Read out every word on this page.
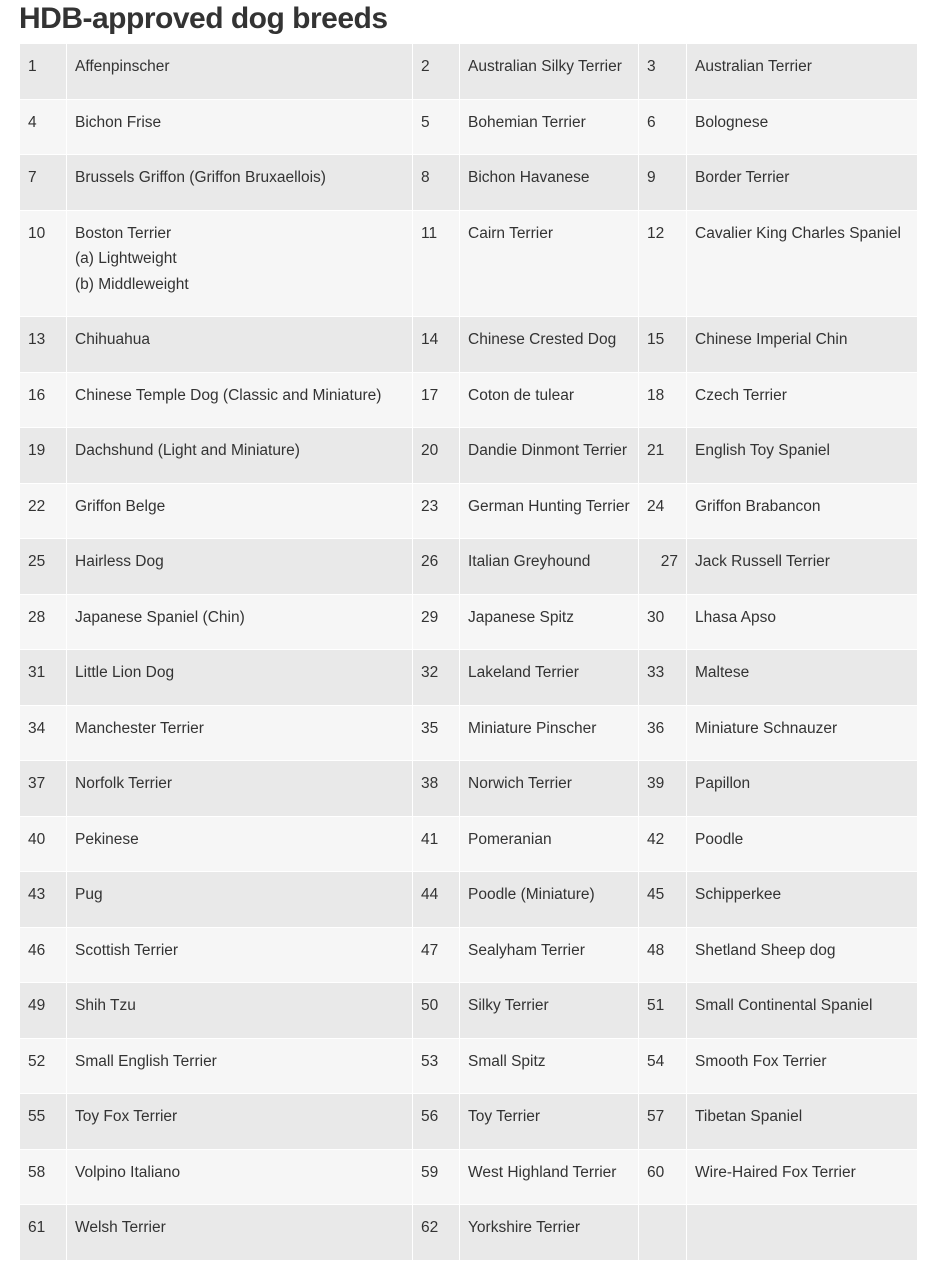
HDB-approved dog breeds
1	Affenpinscher	2	Australian Silky Terrier	3	Australian Terrier

4	Bichon Frise	5	Bohemian Terrier	6	Bolognese

7	Brussels Griffon (Griffon Bruxaellois)	8	Bichon Havanese	9	Border Terrier

10	Boston Terrier
(a) Lightweight
(b) Middleweight	11	Cairn Terrier	12	Cavalier King Charles Spaniel

13	Chihuahua	14	Chinese Crested Dog	15	Chinese Imperial Chin

16	Chinese Temple Dog (Classic and Miniature)	17	Coton de tulear	18	Czech Terrier

19	Dachshund (Light and Miniature)	20	Dandie Dinmont Terrier	21	English Toy Spaniel

22	Griffon Belge	23	German Hunting Terrier	24	Griffon Brabancon

25	Hairless Dog	26	Italian Greyhound	27	Jack Russell Terrier

28	Japanese Spaniel (Chin)	29	Japanese Spitz	30	Lhasa Apso

31	Little Lion Dog	32	Lakeland Terrier	33	Maltese

34	Manchester Terrier	35	Miniature Pinscher	36	Miniature Schnauzer

37	Norfolk Terrier	38	Norwich Terrier	39	Papillon

40	Pekinese	41	Pomeranian	42	Poodle

43	Pug	44	Poodle (Miniature)	45	Schipperkee

46	Scottish Terrier	47	Sealyham Terrier	48	Shetland Sheep dog

49	Shih Tzu	50	Silky Terrier	51	Small Continental Spaniel

52	Small English Terrier	53	Small Spitz	54	Smooth Fox Terrier

55	Toy Fox Terrier	56	Toy Terrier	57	Tibetan Spaniel

58	Volpino Italiano	59	West Highland Terrier	60	Wire-Haired Fox Terrier

61	Welsh Terrier	62	Yorkshire Terrier		
